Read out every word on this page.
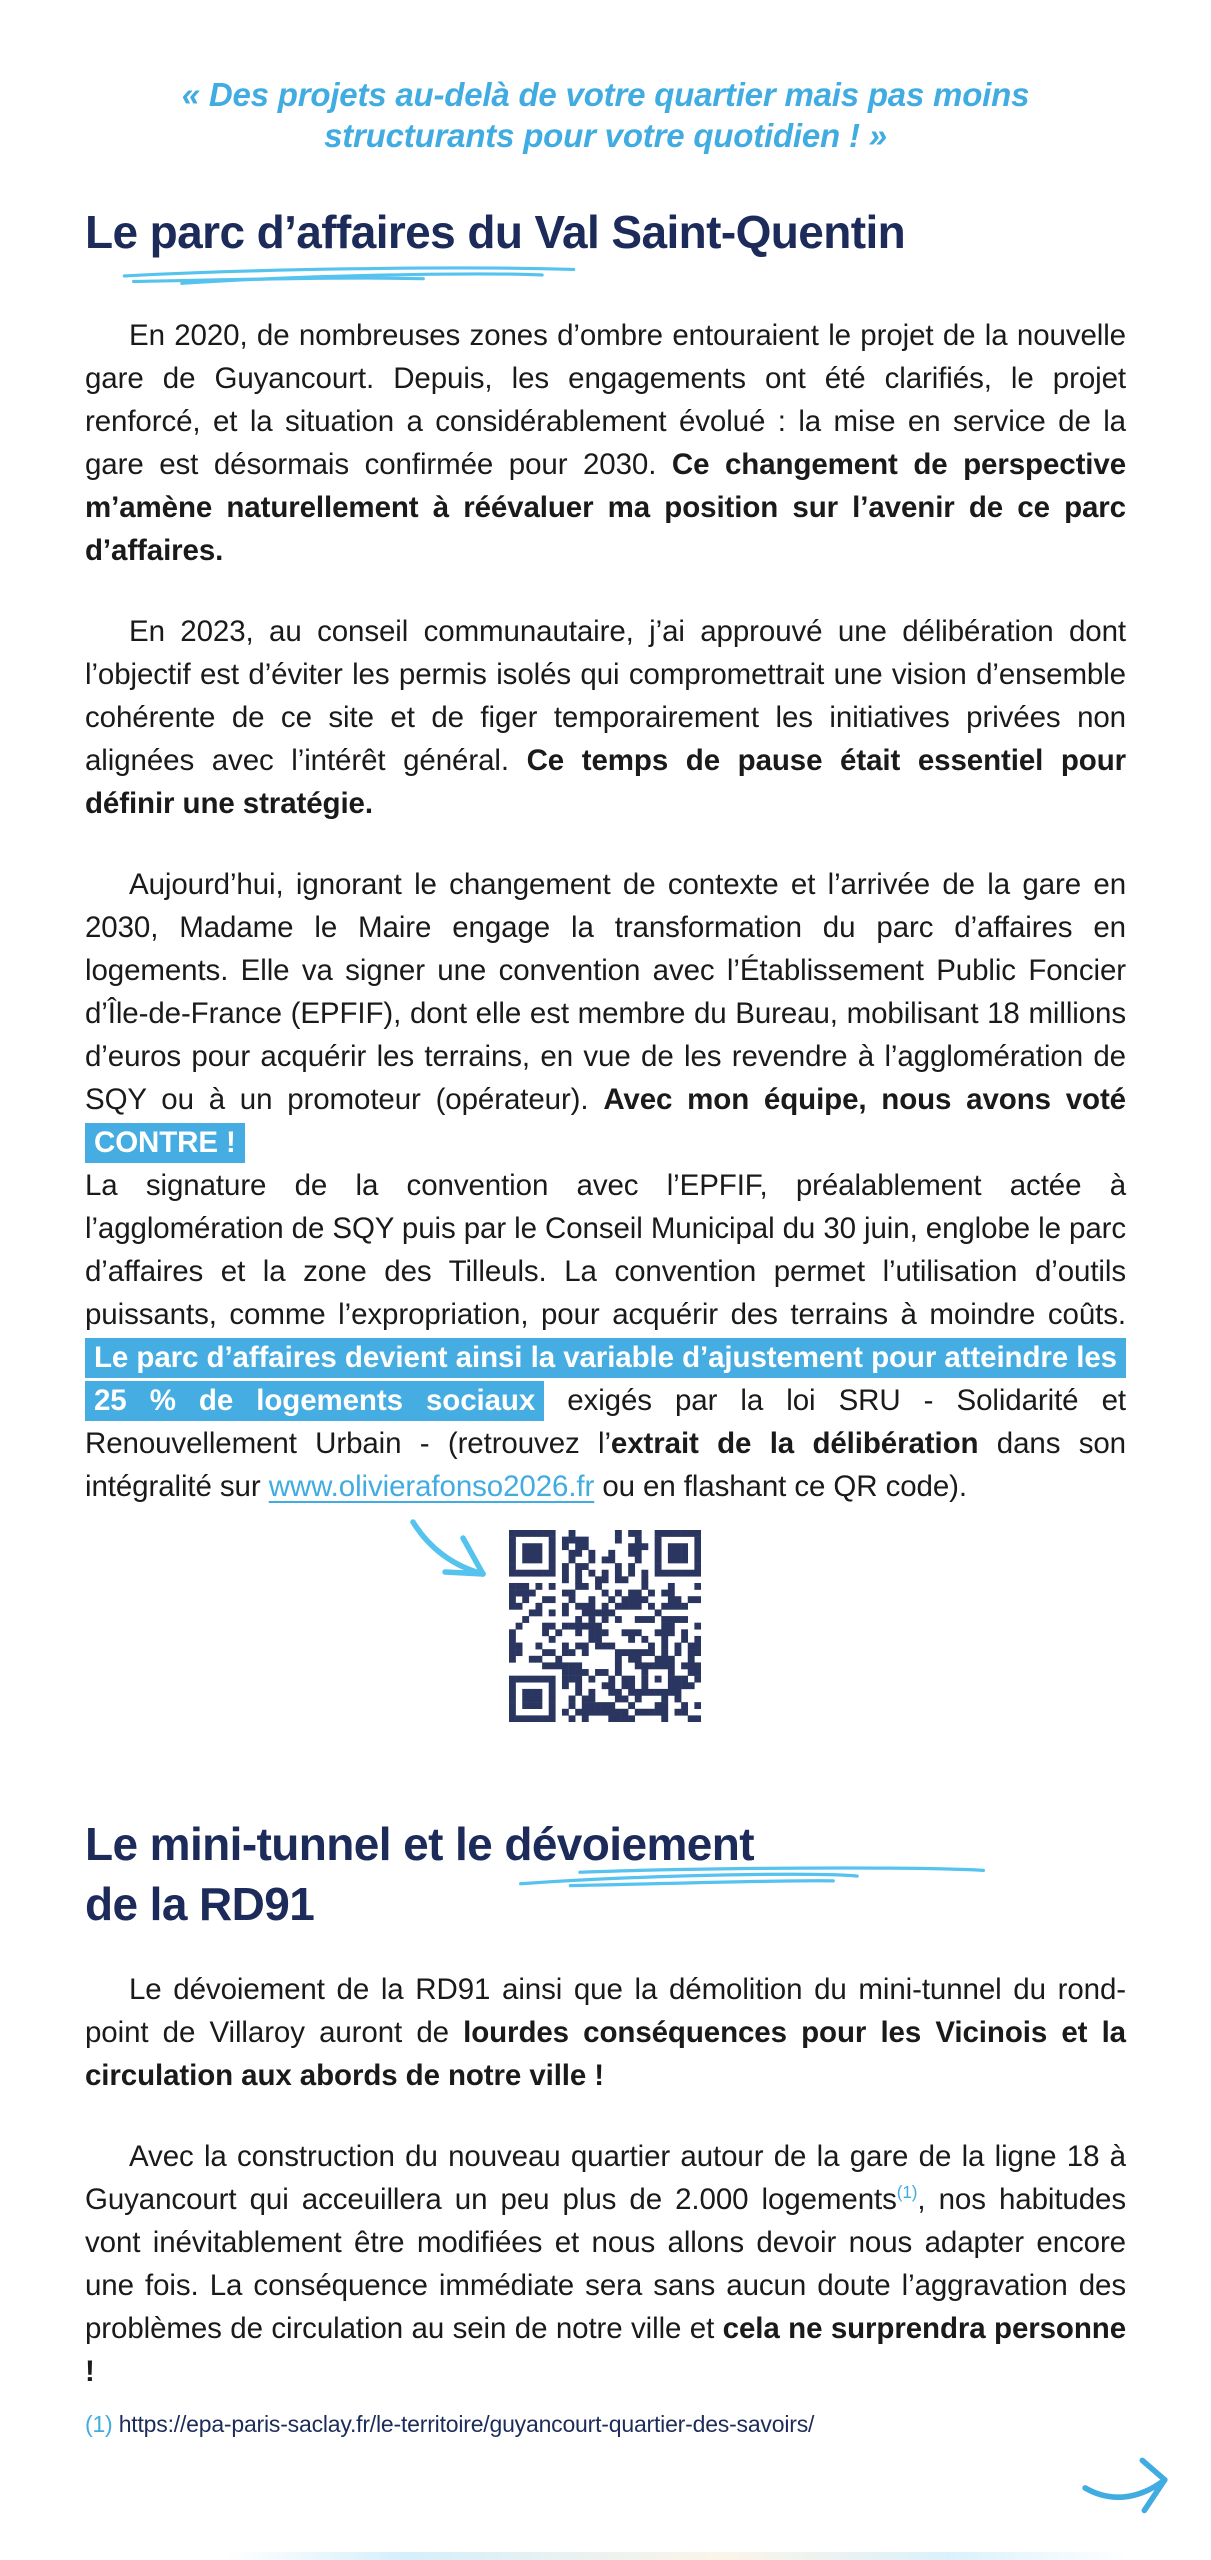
« Des projets au-delà de votre quartier mais pas moins
structurants pour votre quotidien ! »
Le parc d’affaires du Val Saint-Quentin

En 2020, de nombreuses zones d’ombre entouraient le projet de la nouvelle gare de Guyancourt. Depuis, les engagements ont été clarifiés, le projet renforcé, et la situation a considérablement évolué : la mise en service de la gare est désormais confirmée pour 2030. Ce changement de perspective m’amène naturellement à réévaluer ma position sur l’avenir de ce parc d’affaires.

En 2023, au conseil communautaire, j’ai approuvé une délibération dont l’objectif est d’éviter les permis isolés qui compromettrait une vision d’ensemble cohérente de ce site et de figer temporairement les initiatives privées non alignées avec l’intérêt général. Ce temps de pause était essentiel pour définir une stratégie.

Aujourd’hui, ignorant le changement de contexte et l’arrivée de la gare en 2030, Madame le Maire engage la transformation du parc d’affaires en logements. Elle va signer une convention avec l’Établissement Public Foncier d’Île-de-France (EPFIF), dont elle est membre du Bureau, mobilisant 18 millions d’euros pour acquérir les terrains, en vue de les revendre à l’agglomération de SQY ou à un promoteur (opérateur). Avec mon équipe, nous avons voté CONTRE !
La signature de la convention avec l’EPFIF, préalablement actée à l’agglomération de SQY puis par le Conseil Municipal du 30 juin, englobe le parc d’affaires et la zone des Tilleuls. La convention permet l’utilisation d’outils puissants, comme l’expropriation, pour acquérir des terrains à moindre coûts. Le parc d’affaires devient ainsi la variable d’ajustement pour atteindre les 25 % de logements sociaux exigés par la loi SRU - Solidarité et Renouvellement Urbain - (retrouvez l’extrait de la délibération dans son intégralité sur www.olivierafonso2026.fr ou en flashant ce QR code).

Le mini-tunnel et le dévoiement
de la RD91

Le dévoiement de la RD91 ainsi que la démolition du mini-tunnel du rond-point de Villaroy auront de lourdes conséquences pour les Vicinois et la circulation aux abords de notre ville !

Avec la construction du nouveau quartier autour de la gare de la ligne 18 à Guyancourt qui acceuillera un peu plus de 2.000 logements$^{(1)}$, nos habitudes vont inévitablement être modifiées et nous allons devoir nous adapter encore une fois. La conséquence immédiate sera sans aucun doute l’aggravation des problèmes de circulation au sein de notre ville et cela ne surprendra personne !

(1) https://epa-paris-saclay.fr/le-territoire/guyancourt-quartier-des-savoirs/
